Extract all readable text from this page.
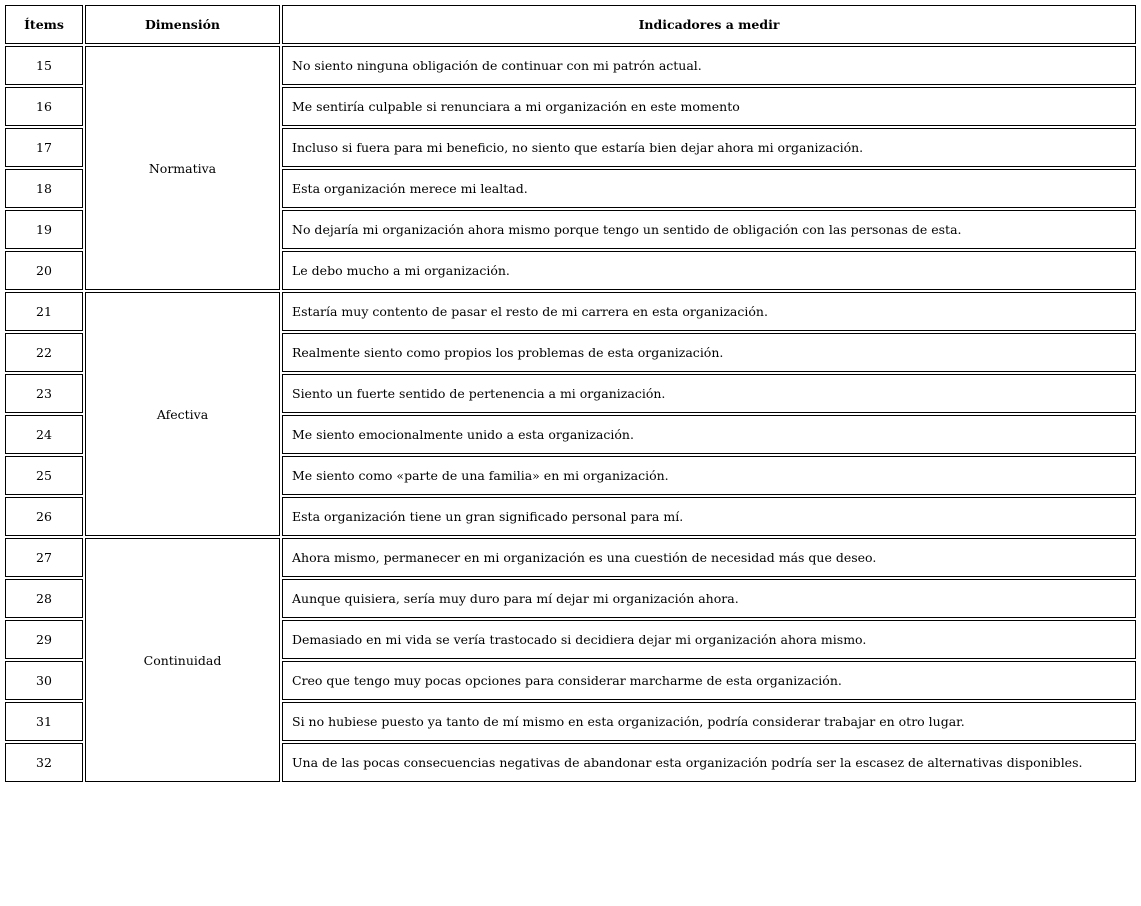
Ítems	Dimensión	Indicadores a medir
15	Normativa	No siento ninguna obligación de continuar con mi patrón actual.
16		Me sentiría culpable si renunciara a mi organización en este momento
17		Incluso si fuera para mi beneficio, no siento que estaría bien dejar ahora mi organización.
18		Esta organización merece mi lealtad.
19		No dejaría mi organización ahora mismo porque tengo un sentido de obligación con las personas de esta.
20		Le debo mucho a mi organización.
21	Afectiva	Estaría muy contento de pasar el resto de mi carrera en esta organización.
22		Realmente siento como propios los problemas de esta organización.
23		Siento un fuerte sentido de pertenencia a mi organización.
24		Me siento emocionalmente unido a esta organización.
25		Me siento como «parte de una familia» en mi organización.
26		Esta organización tiene un gran significado personal para mí.
27	Continuidad	Ahora mismo, permanecer en mi organización es una cuestión de necesidad más que deseo.
28		Aunque quisiera, sería muy duro para mí dejar mi organización ahora.
29		Demasiado en mi vida se vería trastocado si decidiera dejar mi organización ahora mismo.
30		Creo que tengo muy pocas opciones para considerar marcharme de esta organización.
31		Si no hubiese puesto ya tanto de mí mismo en esta organización, podría considerar trabajar en otro lugar.
32		Una de las pocas consecuencias negativas de abandonar esta organización podría ser la escasez de alternativas disponibles.
